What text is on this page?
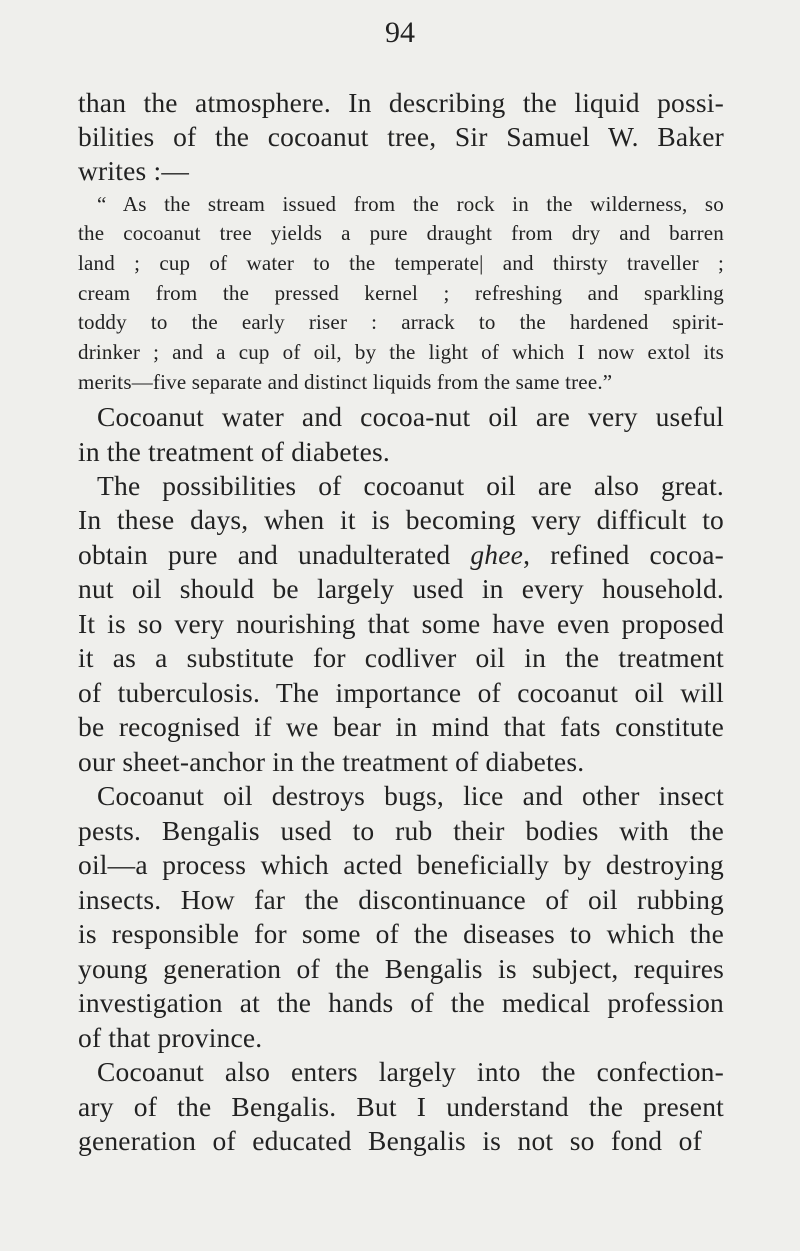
94
than the atmosphere. In describing the liquid possi-
bilities of the cocoanut tree, Sir Samuel W. Baker
writes :—
“ As the stream issued from the rock in the wilderness, so
the cocoanut tree yields a pure draught from dry and barren
land ; cup of water to the temperate| and thirsty traveller ;
cream from the pressed kernel ; refreshing and sparkling
toddy to the early riser : arrack to the hardened spirit-
drinker ; and a cup of oil, by the light of which I now extol its
merits—five separate and distinct liquids from the same tree.”
Cocoanut water and cocoa-nut oil are very useful
in the treatment of diabetes.
The possibilities of cocoanut oil are also great.
In these days, when it is becoming very difficult to
obtain pure and unadulterated ghee, refined cocoa-
nut oil should be largely used in every household.
It is so very nourishing that some have even proposed
it as a substitute for codliver oil in the treatment
of tuberculosis. The importance of cocoanut oil will
be recognised if we bear in mind that fats constitute
our sheet-anchor in the treatment of diabetes.
Cocoanut oil destroys bugs, lice and other insect
pests. Bengalis used to rub their bodies with the
oil—a process which acted beneficially by destroying
insects. How far the discontinuance of oil rubbing
is responsible for some of the diseases to which the
young generation of the Bengalis is subject, requires
investigation at the hands of the medical profession
of that province.
Cocoanut also enters largely into the confection-
ary of the Bengalis. But I understand the present
generation of educated Bengalis is not so fond of
